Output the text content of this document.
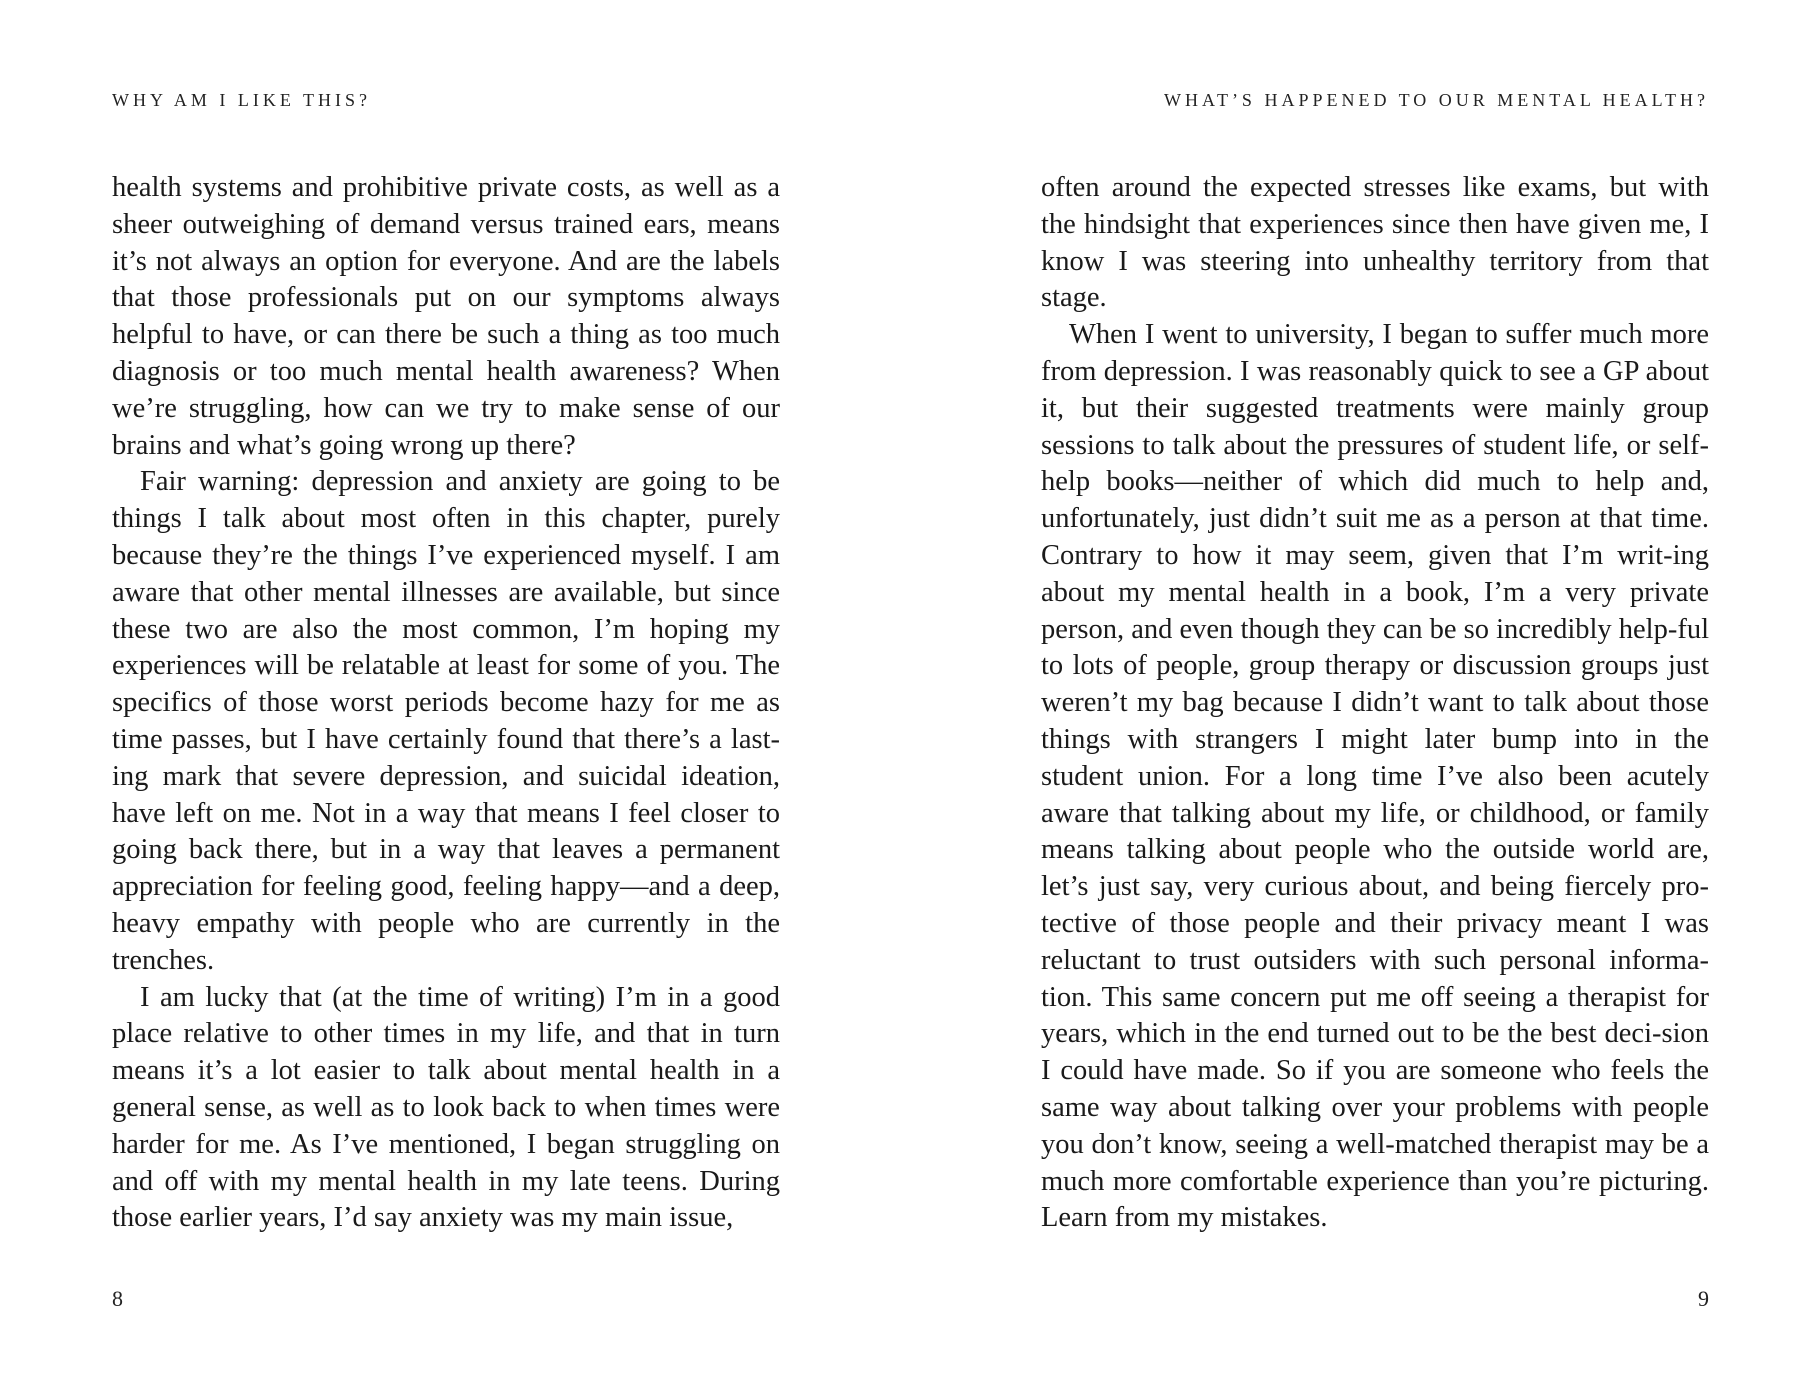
WHY AM I LIKE THIS?

health systems and prohibitive private costs, as well as a sheer outweighing of demand versus trained ears, means it’s not always an option for everyone. And are the labels that those professionals put on our symptoms always helpful to have, or can there be such a thing as too much diagnosis or too much mental health awareness? When we’re struggling, how can we try to make sense of our brains and what’s going wrong up there?

Fair warning: depression and anxiety are going to be things I talk about most often in this chapter, purely because they’re the things I’ve experienced myself. I am aware that other mental illnesses are available, but since these two are also the most common, I’m hoping my experiences will be relatable at least for some of you. The specifics of those worst periods become hazy for me as time passes, but I have certainly found that there’s a last-ing mark that severe depression, and suicidal ideation, have left on me. Not in a way that means I feel closer to going back there, but in a way that leaves a permanent appreciation for feeling good, feeling happy—and a deep, heavy empathy with people who are currently in the trenches.

I am lucky that (at the time of writing) I’m in a good place relative to other times in my life, and that in turn means it’s a lot easier to talk about mental health in a general sense, as well as to look back to when times were harder for me. As I’ve mentioned, I began struggling on and off with my mental health in my late teens. During those earlier years, I’d say anxiety was my main issue,

8
WHAT’S HAPPENED TO OUR MENTAL HEALTH?

often around the expected stresses like exams, but with the hindsight that experiences since then have given me, I know I was steering into unhealthy territory from that stage.

When I went to university, I began to suffer much more from depression. I was reasonably quick to see a GP about it, but their suggested treatments were mainly group sessions to talk about the pressures of student life, or self-help books—neither of which did much to help and, unfortunately, just didn’t suit me as a person at that time. Contrary to how it may seem, given that I’m writ-ing about my mental health in a book, I’m a very private person, and even though they can be so incredibly help-ful to lots of people, group therapy or discussion groups just weren’t my bag because I didn’t want to talk about those things with strangers I might later bump into in the student union. For a long time I’ve also been acutely aware that talking about my life, or childhood, or family means talking about people who the outside world are, let’s just say, very curious about, and being fiercely pro-tective of those people and their privacy meant I was reluctant to trust outsiders with such personal informa-tion. This same concern put me off seeing a therapist for years, which in the end turned out to be the best deci-sion I could have made. So if you are someone who feels the same way about talking over your problems with people you don’t know, seeing a well-matched therapist may be a much more comfortable experience than you’re picturing. Learn from my mistakes.

9
